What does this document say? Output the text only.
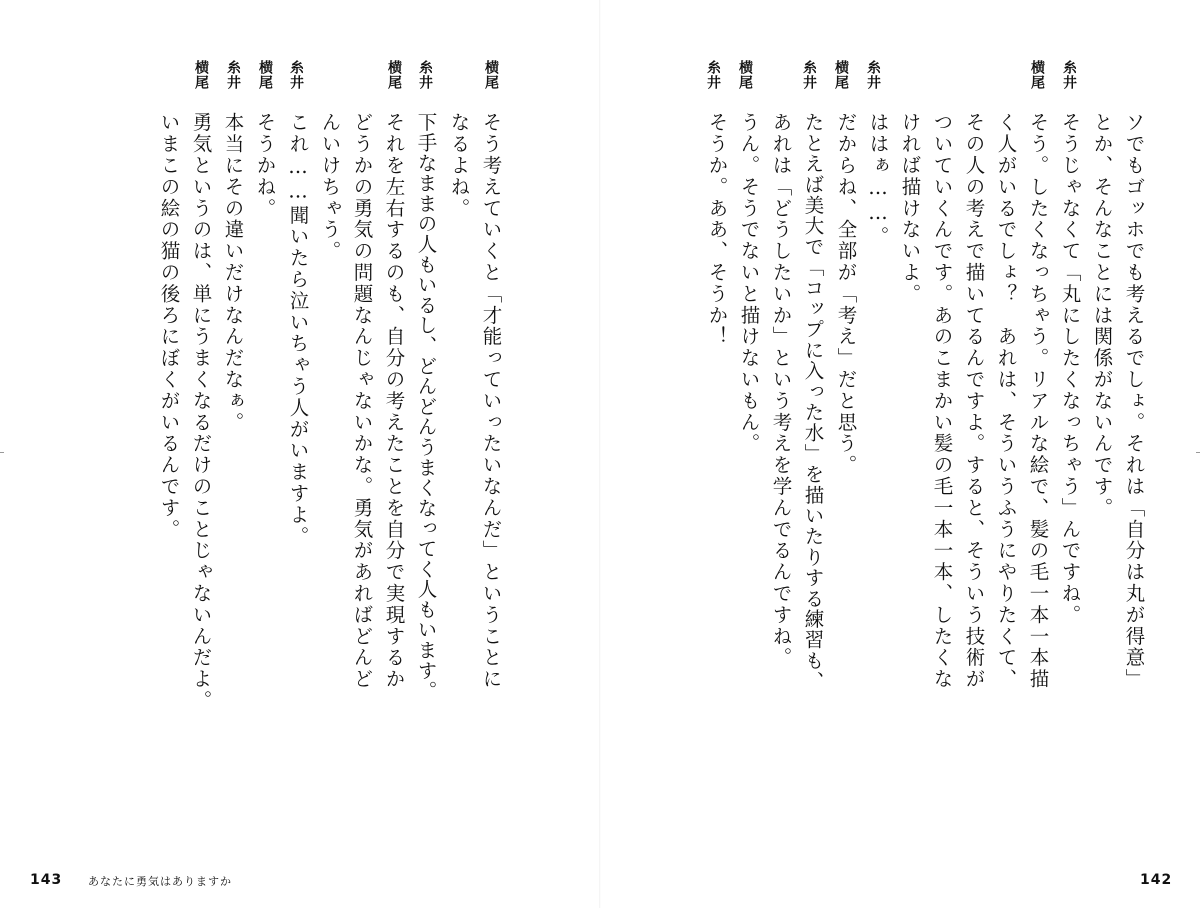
横尾
糸井
横尾
糸井
横尾
糸井
横尾
そう考えていくと「才能っていったいなんだ」ということに
なるよね。
下手なままの人もいるし、どんどんうまくなってく人もいます。
それを左右するのも、自分の考えたことを自分で実現するか
どうかの勇気の問題なんじゃないかな。勇気があればどんど
んいけちゃう。
これ……聞いたら泣いちゃう人がいますよ。
そうかね。
本当にその違いだけなんだなぁ。
勇気というのは、単にうまくなるだけのことじゃないんだよ。
いまこの絵の猫の後ろにぼくがいるんです。
143 あなたに勇気はありますか
糸井
横尾
糸井
横尾
糸井
横尾
糸井
ソでもゴッホでも考えるでしょ。それは「自分は丸が得意」
とか、そんなことには関係がないんです。
そうじゃなくて「丸にしたくなっちゃう」んですね。
そう。したくなっちゃう。リアルな絵で、髪の毛一本一本描
く人がいるでしょ？　あれは、そういうふうにやりたくて、
その人の考えで描いてるんですよ。すると、そういう技術が
ついていくんです。あのこまかい髪の毛一本一本、したくな
ければ描けないよ。
ははぁ……。
だからね、全部が「考え」だと思う。
たとえば美大で「コップに入った水」を描いたりする練習も、
あれは「どうしたいか」という考えを学んでるんですね。
うん。そうでないと描けないもん。
そうか。ああ、そうか！
142
